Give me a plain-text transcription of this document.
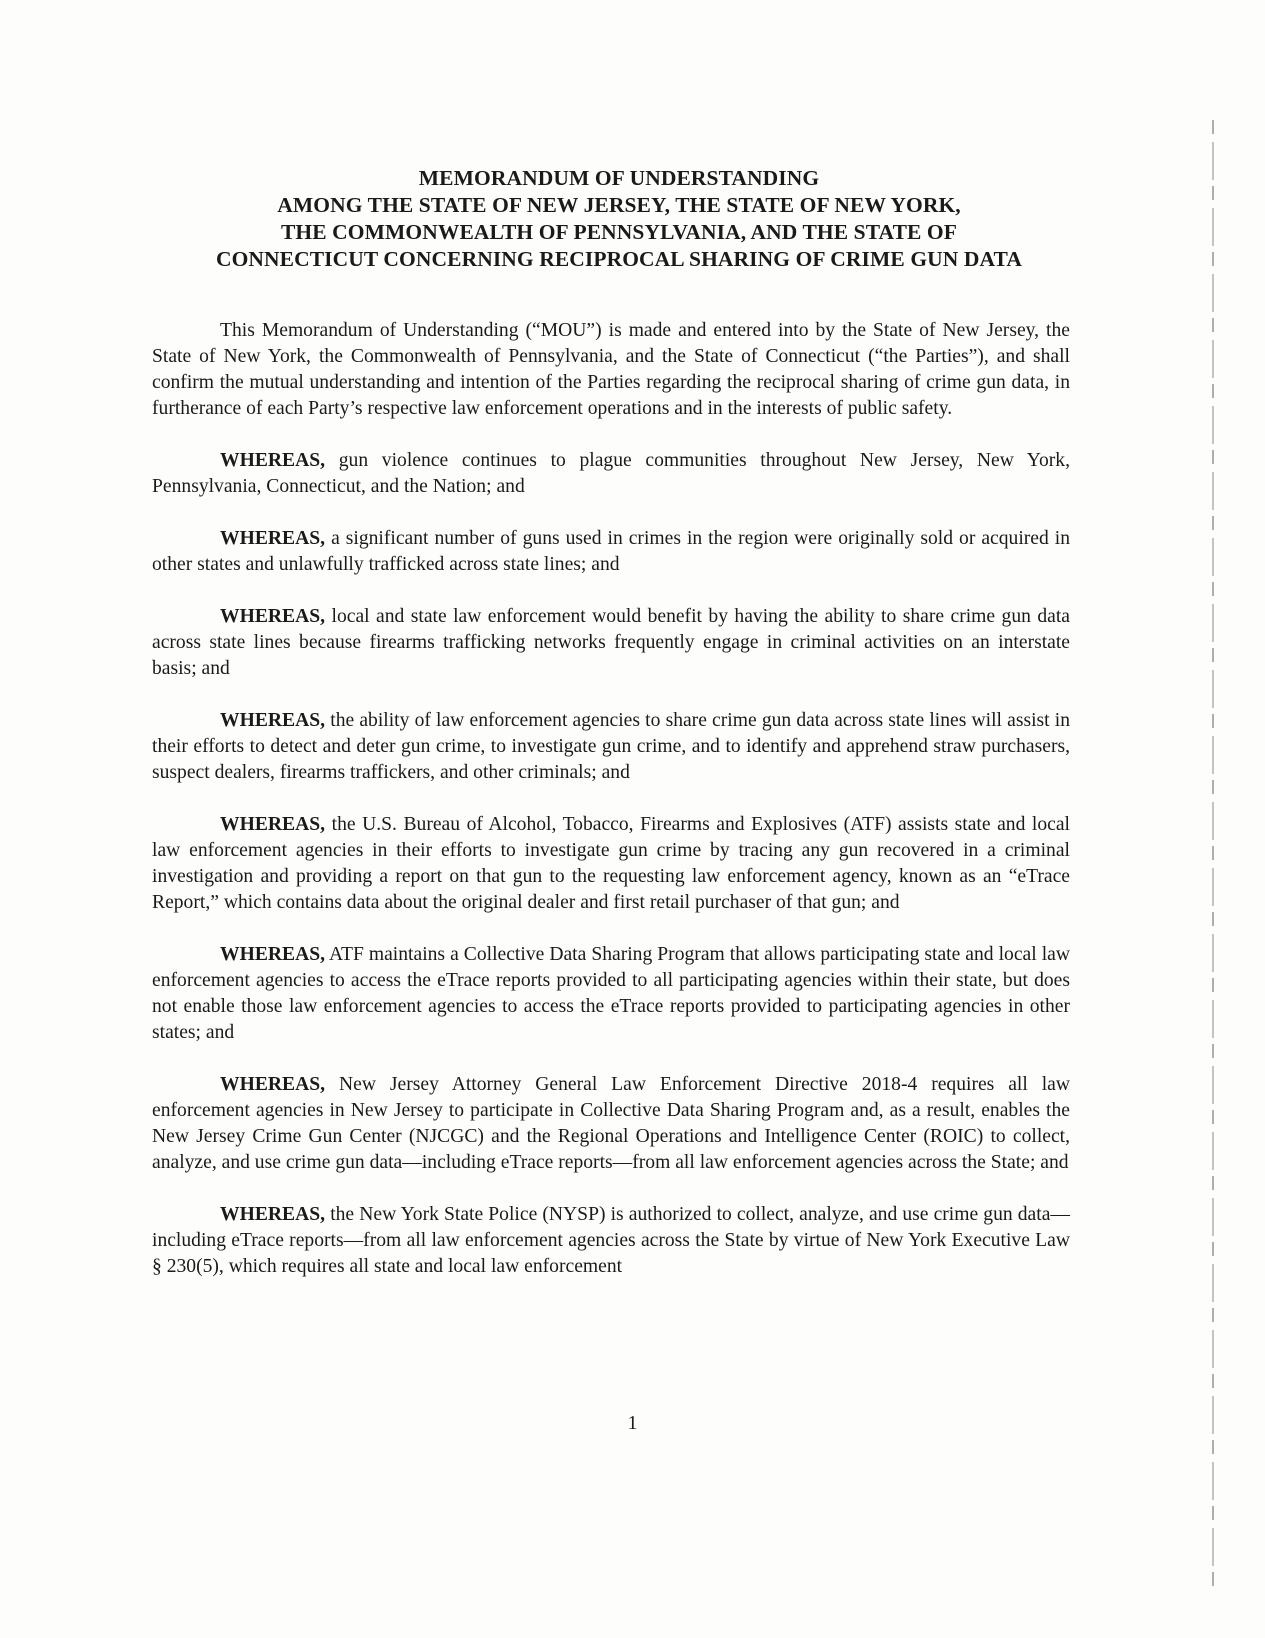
MEMORANDUM OF UNDERSTANDING
AMONG THE STATE OF NEW JERSEY, THE STATE OF NEW YORK,
THE COMMONWEALTH OF PENNSYLVANIA, AND THE STATE OF
CONNECTICUT CONCERNING RECIPROCAL SHARING OF CRIME GUN DATA

This Memorandum of Understanding (“MOU”) is made and entered into by the State of New Jersey, the State of New York, the Commonwealth of Pennsylvania, and the State of Connecticut (“the Parties”), and shall confirm the mutual understanding and intention of the Parties regarding the reciprocal sharing of crime gun data, in furtherance of each Party’s respective law enforcement operations and in the interests of public safety.

WHEREAS, gun violence continues to plague communities throughout New Jersey, New York, Pennsylvania, Connecticut, and the Nation; and

WHEREAS, a significant number of guns used in crimes in the region were originally sold or acquired in other states and unlawfully trafficked across state lines; and

WHEREAS, local and state law enforcement would benefit by having the ability to share crime gun data across state lines because firearms trafficking networks frequently engage in criminal activities on an interstate basis; and

WHEREAS, the ability of law enforcement agencies to share crime gun data across state lines will assist in their efforts to detect and deter gun crime, to investigate gun crime, and to identify and apprehend straw purchasers, suspect dealers, firearms traffickers, and other criminals; and

WHEREAS, the U.S. Bureau of Alcohol, Tobacco, Firearms and Explosives (ATF) assists state and local law enforcement agencies in their efforts to investigate gun crime by tracing any gun recovered in a criminal investigation and providing a report on that gun to the requesting law enforcement agency, known as an “eTrace Report,” which contains data about the original dealer and first retail purchaser of that gun; and

WHEREAS, ATF maintains a Collective Data Sharing Program that allows participating state and local law enforcement agencies to access the eTrace reports provided to all participating agencies within their state, but does not enable those law enforcement agencies to access the eTrace reports provided to participating agencies in other states; and

WHEREAS, New Jersey Attorney General Law Enforcement Directive 2018-4 requires all law enforcement agencies in New Jersey to participate in Collective Data Sharing Program and, as a result, enables the New Jersey Crime Gun Center (NJCGC) and the Regional Operations and Intelligence Center (ROIC) to collect, analyze, and use crime gun data—including eTrace reports—from all law enforcement agencies across the State; and

WHEREAS, the New York State Police (NYSP) is authorized to collect, analyze, and use crime gun data—including eTrace reports—from all law enforcement agencies across the State by virtue of New York Executive Law § 230(5), which requires all state and local law enforcement

1
